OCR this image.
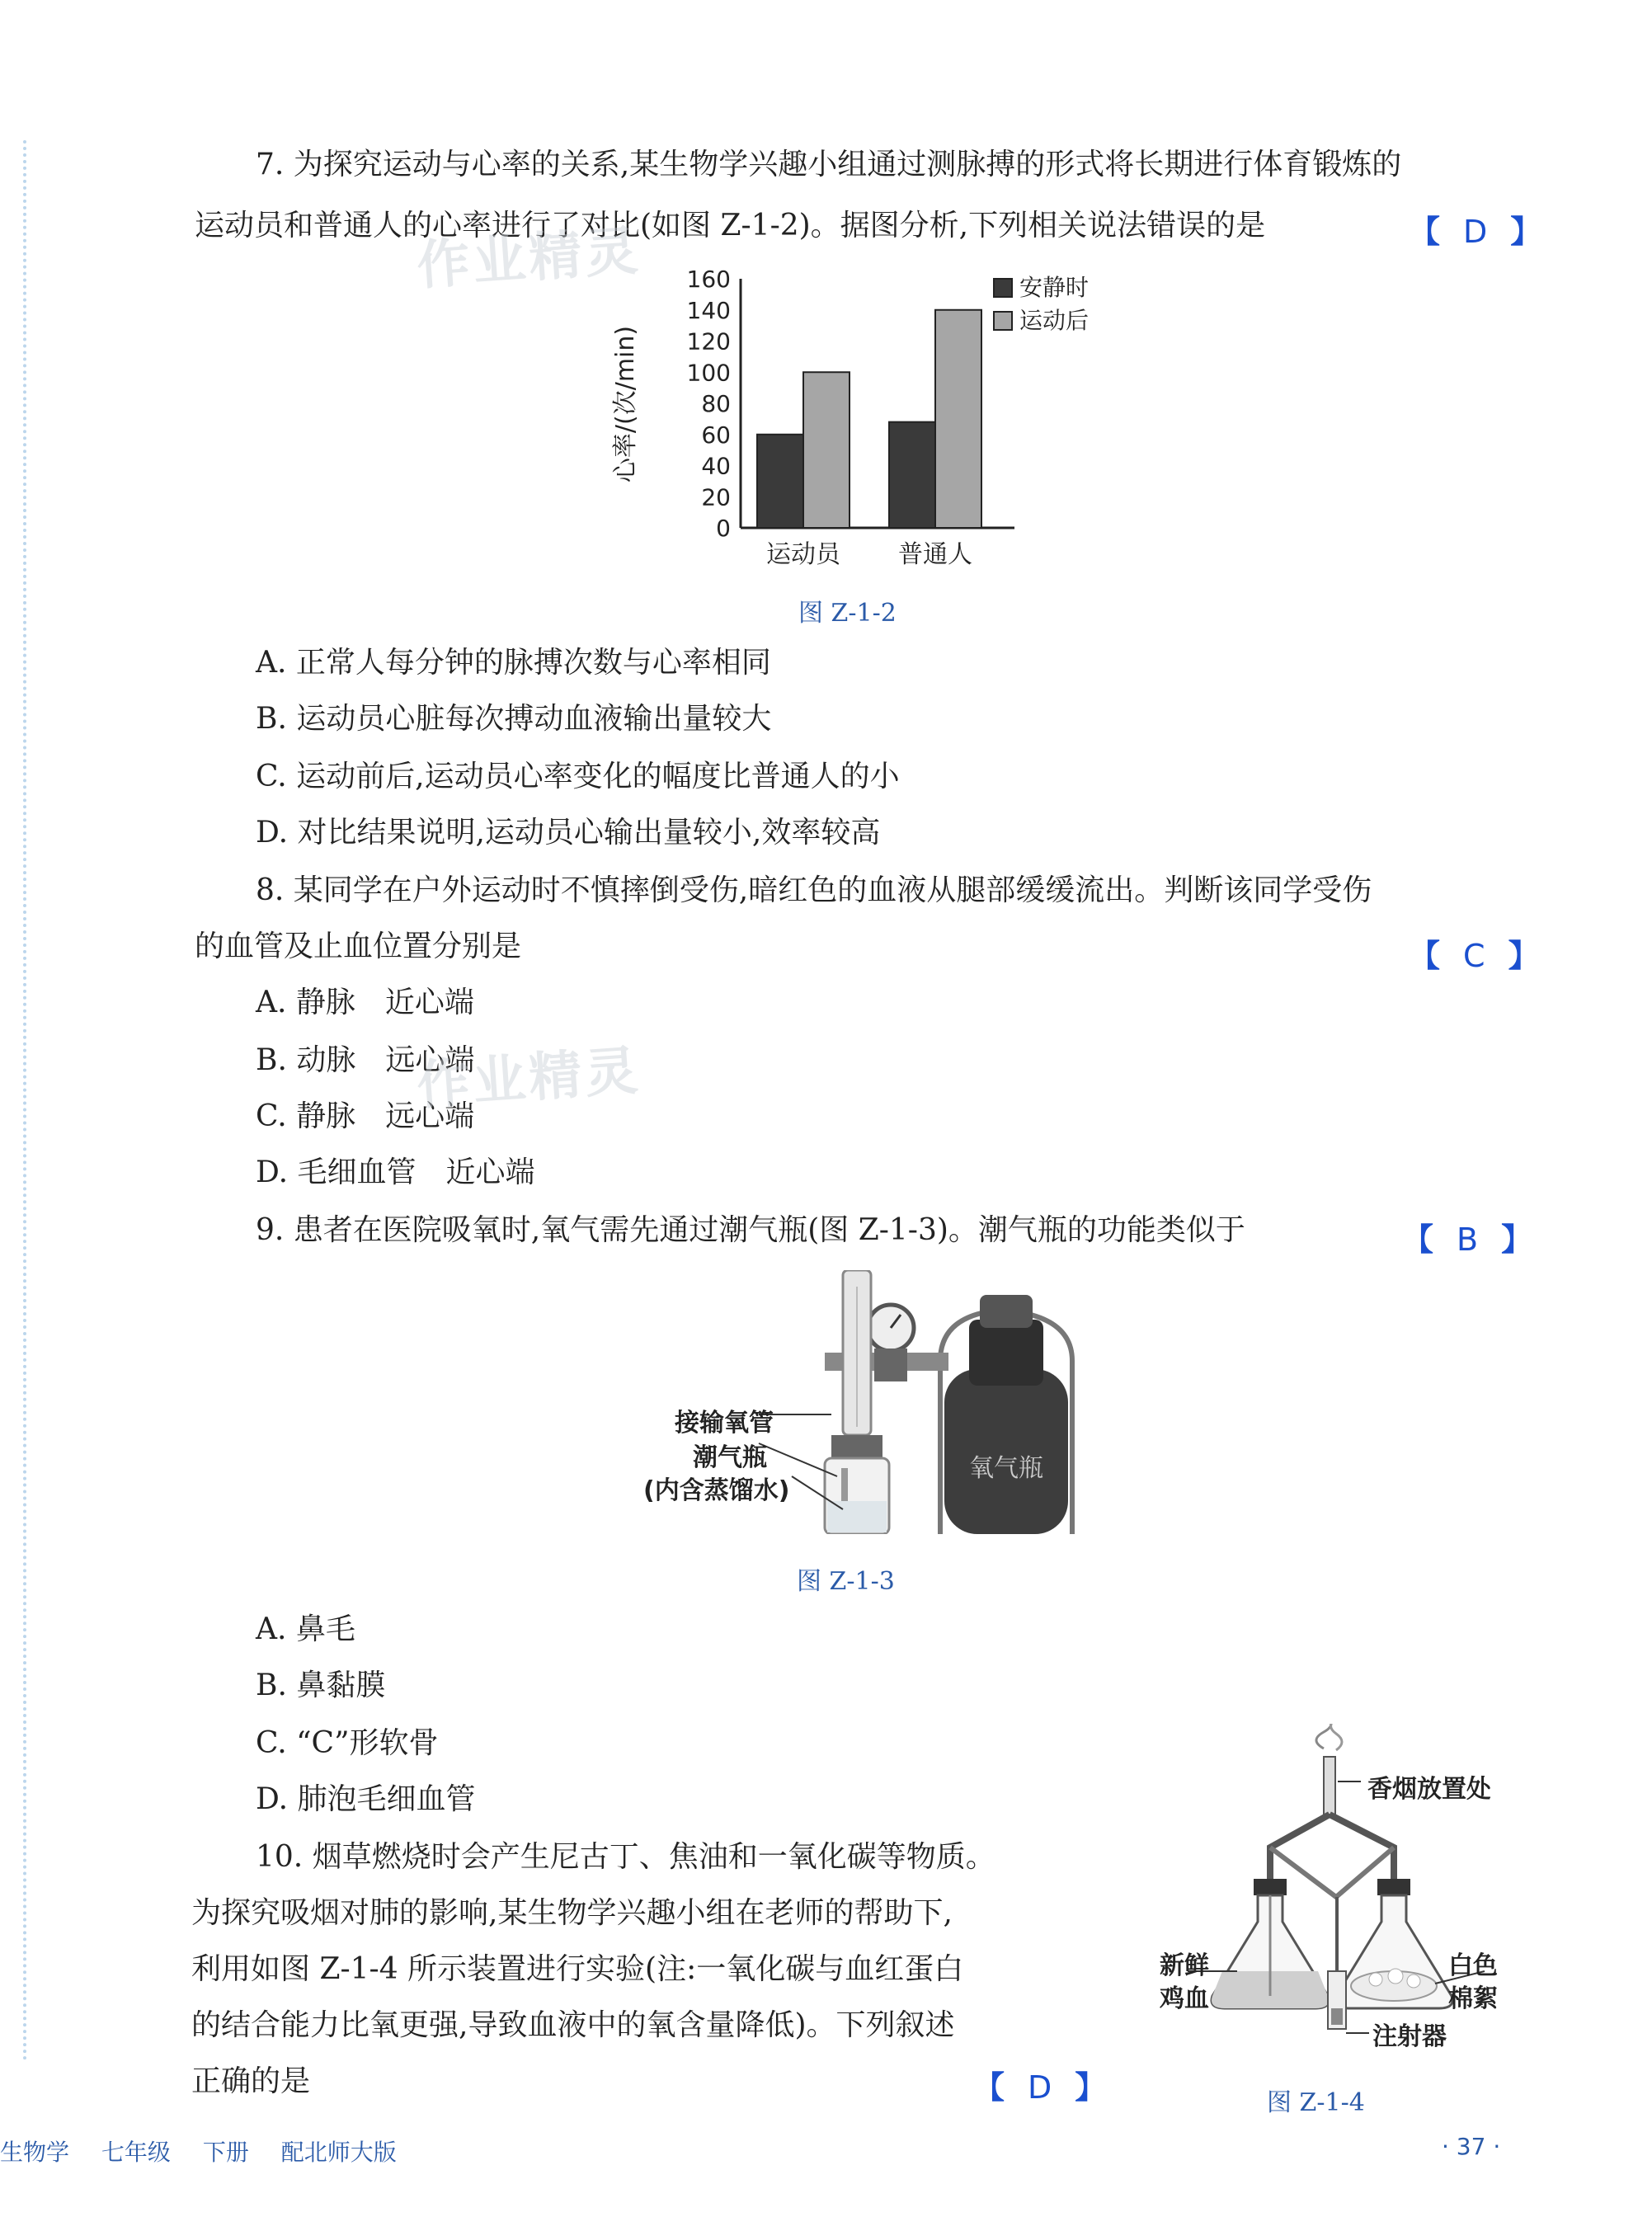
7. 为探究运动与心率的关系,某生物学兴趣小组通过测脉搏的形式将长期进行体育锻炼的
运动员和普通人的心率进行了对比(如图 Z-1-2)。据图分析,下列相关说法错误的是	【 D 】
作业精灵
心率/(次/min)
0
20
40
60
80
100
120
140
160
运动员 普通人
安静时
运动后
图 Z-1-2
A. 正常人每分钟的脉搏次数与心率相同
B. 运动员心脏每次搏动血液输出量较大
C. 运动前后,运动员心率变化的幅度比普通人的小
D. 对比结果说明,运动员心输出量较小,效率较高
8. 某同学在户外运动时不慎摔倒受伤,暗红色的血液从腿部缓缓流出。判断该同学受伤
的血管及止血位置分别是	【 C 】
A. 静脉　近心端
B. 动脉　远心端
C. 静脉　远心端
D. 毛细血管　近心端
作业精灵
9. 患者在医院吸氧时,氧气需先通过潮气瓶(图 Z-1-3)。潮气瓶的功能类似于	【 B 】
氧气瓶
接输氧管
潮气瓶
(内含蒸馏水)
图 Z-1-3
A. 鼻毛
B. 鼻黏膜
C. “C”形软骨
D. 肺泡毛细血管
10. 烟草燃烧时会产生尼古丁、焦油和一氧化碳等物质。
为探究吸烟对肺的影响,某生物学兴趣小组在老师的帮助下,
利用如图 Z-1-4 所示装置进行实验(注:一氧化碳与血红蛋白
的结合能力比氧更强,导致血液中的氧含量降低)。下列叙述
正确的是	【 D 】
香烟放置处
新鲜
鸡血
白色
棉絮
注射器
图 Z-1-4
生物学 七年级 下册 配北师大版	· 37 ·
